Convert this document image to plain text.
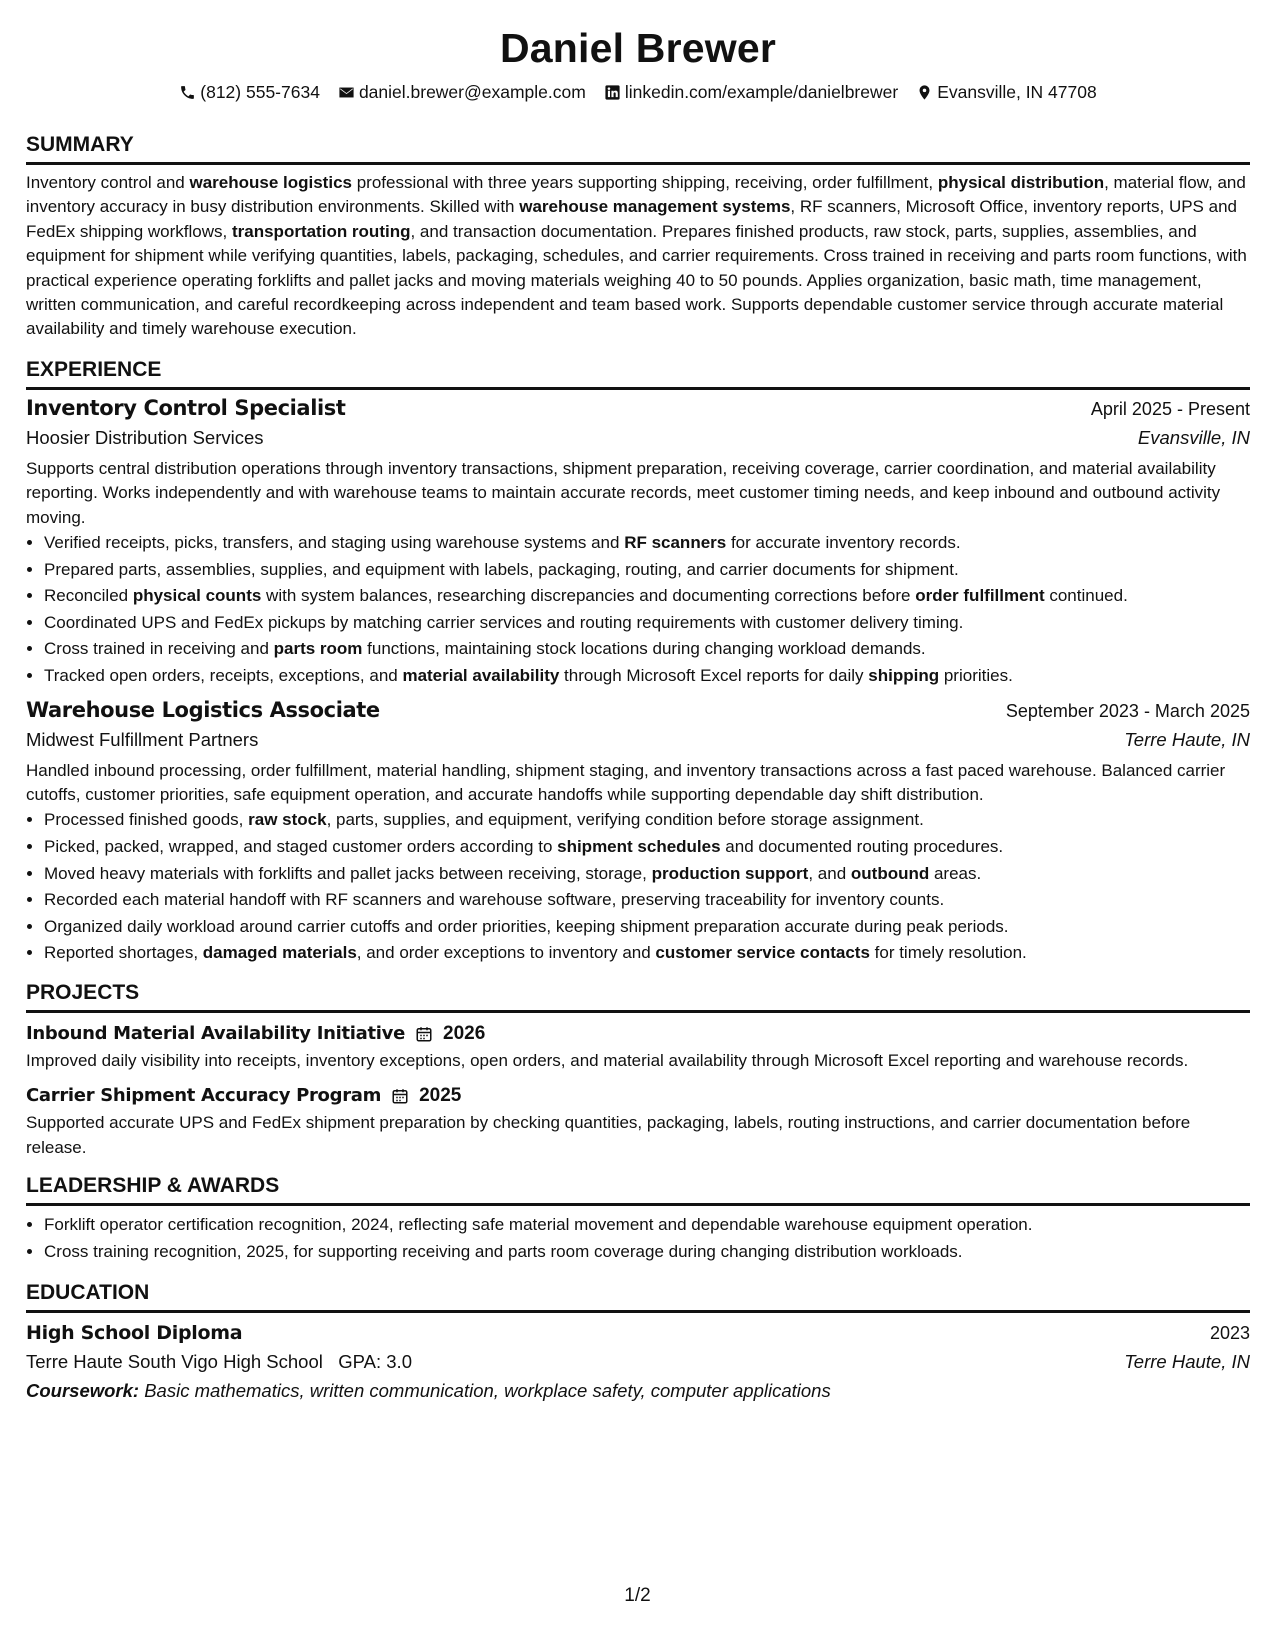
Daniel Brewer
(812) 555-7634 daniel.brewer@example.com linkedin.com/example/danielbrewer Evansville, IN 47708
SUMMARY

Inventory control and warehouse logistics professional with three years supporting shipping, receiving, order fulfillment, physical distribution, material flow, and inventory accuracy in busy distribution environments. Skilled with warehouse management systems, RF scanners, Microsoft Office, inventory reports, UPS and FedEx shipping workflows, transportation routing, and transaction documentation. Prepares finished products, raw stock, parts, supplies, assemblies, and equipment for shipment while verifying quantities, labels, packaging, schedules, and carrier requirements. Cross trained in receiving and parts room functions, with practical experience operating forklifts and pallet jacks and moving materials weighing 40 to 50 pounds. Applies organization, basic math, time management, written communication, and careful recordkeeping across independent and team based work. Supports dependable customer service through accurate material availability and timely warehouse execution.

EXPERIENCE
Inventory Control Specialist	April 2025 - Present
Hoosier Distribution Services	Evansville, IN

Supports central distribution operations through inventory transactions, shipment preparation, receiving coverage, carrier coordination, and material availability reporting. Works independently and with warehouse teams to maintain accurate records, meet customer timing needs, and keep inbound and outbound activity moving.

• Verified receipts, picks, transfers, and staging using warehouse systems and RF scanners for accurate inventory records.
• Prepared parts, assemblies, supplies, and equipment with labels, packaging, routing, and carrier documents for shipment.
• Reconciled physical counts with system balances, researching discrepancies and documenting corrections before order fulfillment continued.
• Coordinated UPS and FedEx pickups by matching carrier services and routing requirements with customer delivery timing.
• Cross trained in receiving and parts room functions, maintaining stock locations during changing workload demands.
• Tracked open orders, receipts, exceptions, and material availability through Microsoft Excel reports for daily shipping priorities.
Warehouse Logistics Associate	September 2023 - March 2025
Midwest Fulfillment Partners	Terre Haute, IN

Handled inbound processing, order fulfillment, material handling, shipment staging, and inventory transactions across a fast paced warehouse. Balanced carrier cutoffs, customer priorities, safe equipment operation, and accurate handoffs while supporting dependable day shift distribution.

• Processed finished goods, raw stock, parts, supplies, and equipment, verifying condition before storage assignment.
• Picked, packed, wrapped, and staged customer orders according to shipment schedules and documented routing procedures.
• Moved heavy materials with forklifts and pallet jacks between receiving, storage, production support, and outbound areas.
• Recorded each material handoff with RF scanners and warehouse software, preserving traceability for inventory counts.
• Organized daily workload around carrier cutoffs and order priorities, keeping shipment preparation accurate during peak periods.
• Reported shortages, damaged materials, and order exceptions to inventory and customer service contacts for timely resolution.
PROJECTS
Inbound Material Availability Initiative 2026

Improved daily visibility into receipts, inventory exceptions, open orders, and material availability through Microsoft Excel reporting and warehouse records.

Carrier Shipment Accuracy Program 2025

Supported accurate UPS and FedEx shipment preparation by checking quantities, packaging, labels, routing instructions, and carrier documentation before release.

LEADERSHIP & AWARDS
• Forklift operator certification recognition, 2024, reflecting safe material movement and dependable warehouse equipment operation.
• Cross training recognition, 2025, for supporting receiving and parts room coverage during changing distribution workloads.
EDUCATION
High School Diploma	2023
Terre Haute South Vigo High School GPA: 3.0	Terre Haute, IN
Coursework: Basic mathematics, written communication, workplace safety, computer applications
1/2
